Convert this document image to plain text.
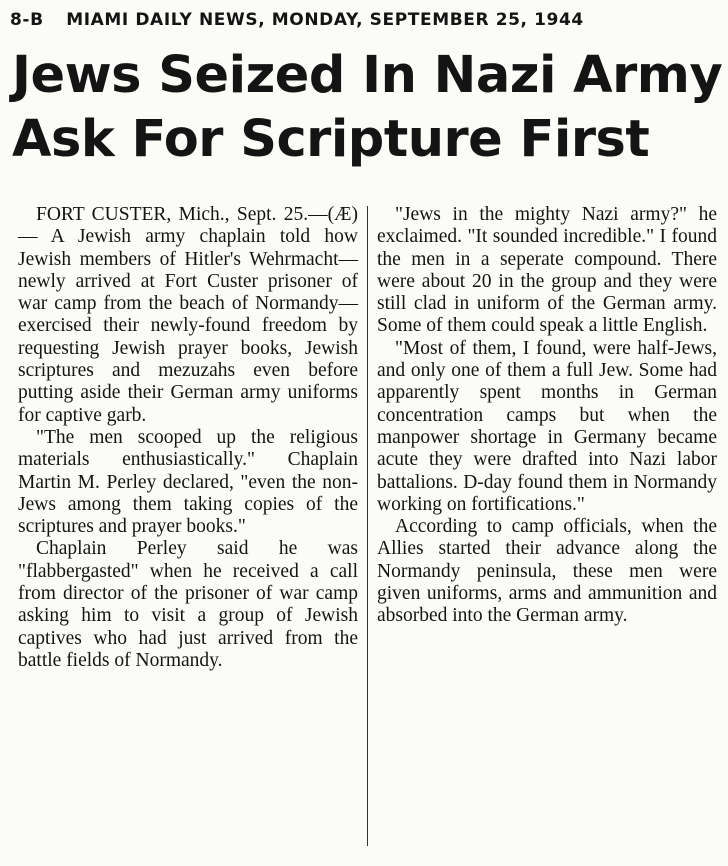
8-B MIAMI DAILY NEWS, MONDAY, SEPTEMBER 25, 1944
Jews Seized In Nazi Army
Ask For Scripture First

FORT CUSTER, Mich., Sept. 25.—(Æ) — A Jewish army chaplain told how Jewish members of Hitler's Wehrmacht—newly arrived at Fort Custer prisoner of war camp from the beach of Normandy—exercised their newly-found freedom by requesting Jewish prayer books, Jewish scriptures and mezuzahs even before putting aside their German army uniforms for captive garb.

"The men scooped up the religious materials enthusiastically." Chaplain Martin M. Perley declared, "even the non-Jews among them taking copies of the scriptures and prayer books."

Chaplain Perley said he was "flabbergasted" when he received a call from director of the prisoner of war camp asking him to visit a group of Jewish captives who had just arrived from the battle fields of Normandy.

"Jews in the mighty Nazi army?" he exclaimed. "It sounded incredible." I found the men in a seperate compound. There were about 20 in the group and they were still clad in uniform of the German army. Some of them could speak a little English.

"Most of them, I found, were half-Jews, and only one of them a full Jew. Some had apparently spent months in German concentration camps but when the manpower shortage in Germany became acute they were drafted into Nazi labor battalions. D-day found them in Normandy working on fortifications."

According to camp officials, when the Allies started their advance along the Normandy peninsula, these men were given uniforms, arms and ammunition and absorbed into the German army.
